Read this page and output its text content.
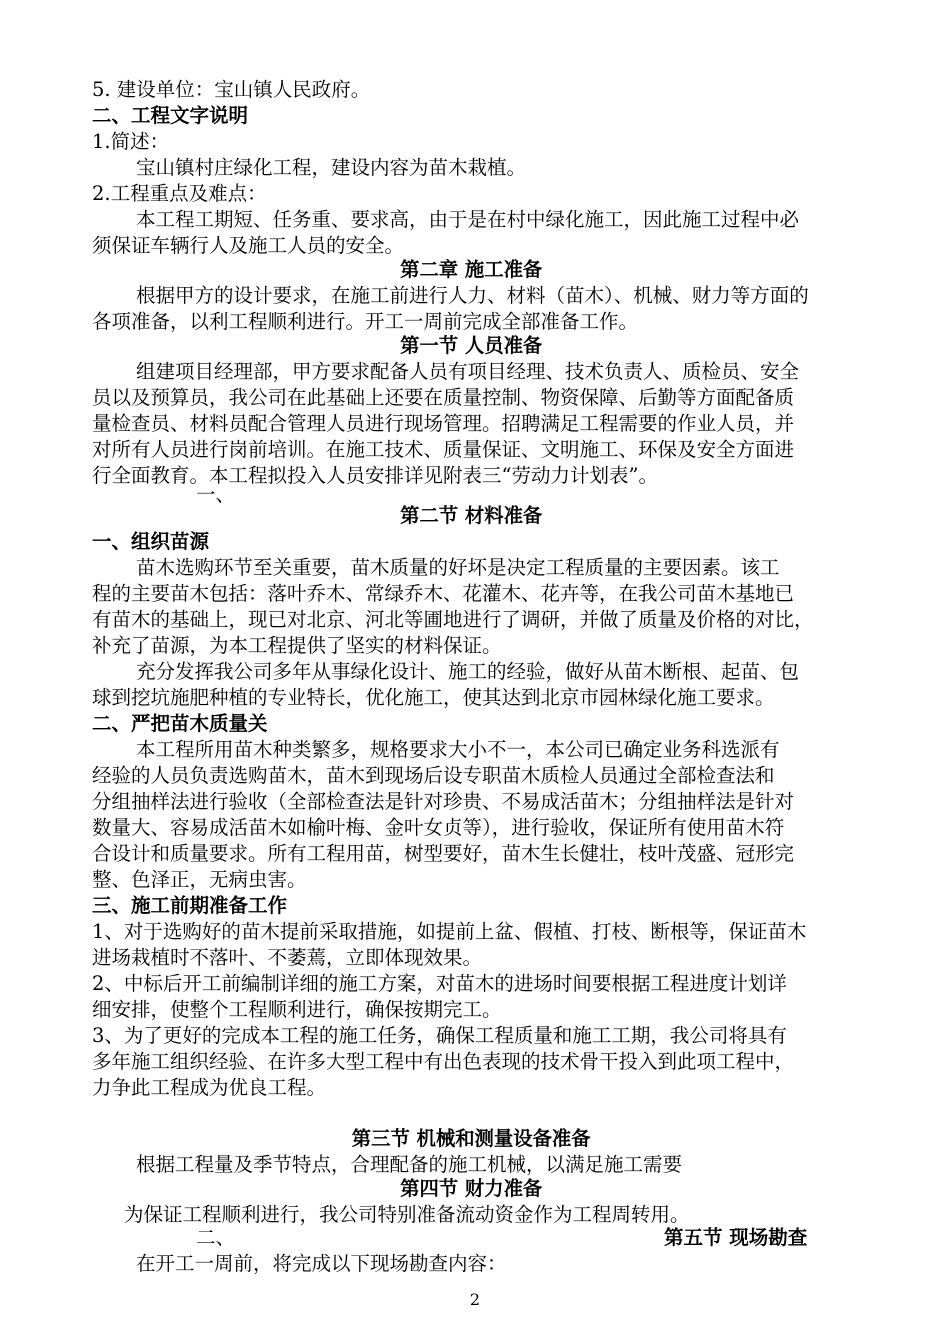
5. 建设单位：宝山镇人民政府。
二、工程文字说明
1.简述：
宝山镇村庄绿化工程，建设内容为苗木栽植。
2.工程重点及难点：
本工程工期短、任务重、要求高，由于是在村中绿化施工，因此施工过程中必
须保证车辆行人及施工人员的安全。
第二章 施工准备
根据甲方的设计要求，在施工前进行人力、材料（苗木）、机械、财力等方面的
各项准备，以利工程顺利进行。开工一周前完成全部准备工作。
第一节 人员准备
组建项目经理部，甲方要求配备人员有项目经理、技术负责人、质检员、安全
员以及预算员，我公司在此基础上还要在质量控制、物资保障、后勤等方面配备质
量检查员、材料员配合管理人员进行现场管理。招聘满足工程需要的作业人员，并
对所有人员进行岗前培训。在施工技术、质量保证、文明施工、环保及安全方面进
行全面教育。本工程拟投入人员安排详见附表三“劳动力计划表”。
一、
第二节 材料准备
一、组织苗源
苗木选购环节至关重要，苗木质量的好坏是决定工程质量的主要因素。该工
程的主要苗木包括：落叶乔木、常绿乔木、花灌木、花卉等，在我公司苗木基地已
有苗木的基础上，现已对北京、河北等圃地进行了调研，并做了质量及价格的对比，
补充了苗源，为本工程提供了坚实的材料保证。
充分发挥我公司多年从事绿化设计、施工的经验，做好从苗木断根、起苗、包
球到挖坑施肥种植的专业特长，优化施工，使其达到北京市园林绿化施工要求。
二、严把苗木质量关
本工程所用苗木种类繁多，规格要求大小不一，本公司已确定业务科选派有
经验的人员负责选购苗木，苗木到现场后设专职苗木质检人员通过全部检查法和
分组抽样法进行验收（全部检查法是针对珍贵、不易成活苗木；分组抽样法是针对
数量大、容易成活苗木如榆叶梅、金叶女贞等），进行验收，保证所有使用苗木符
合设计和质量要求。所有工程用苗，树型要好，苗木生长健壮，枝叶茂盛、冠形完
整、色泽正，无病虫害。
三、施工前期准备工作
1、对于选购好的苗木提前采取措施，如提前上盆、假植、打枝、断根等，保证苗木
进场栽植时不落叶、不萎蔫，立即体现效果。
2、中标后开工前编制详细的施工方案，对苗木的进场时间要根据工程进度计划详
细安排，使整个工程顺利进行，确保按期完工。
3、为了更好的完成本工程的施工任务，确保工程质量和施工工期，我公司将具有
多年施工组织经验、在许多大型工程中有出色表现的技术骨干投入到此项工程中，
力争此工程成为优良工程。
第三节 机械和测量设备准备
根据工程量及季节特点，合理配备的施工机械，以满足施工需要
第四节 财力准备
为保证工程顺利进行，我公司特别准备流动资金作为工程周转用。
二、	第五节 现场勘查
在开工一周前，将完成以下现场勘查内容：
2
